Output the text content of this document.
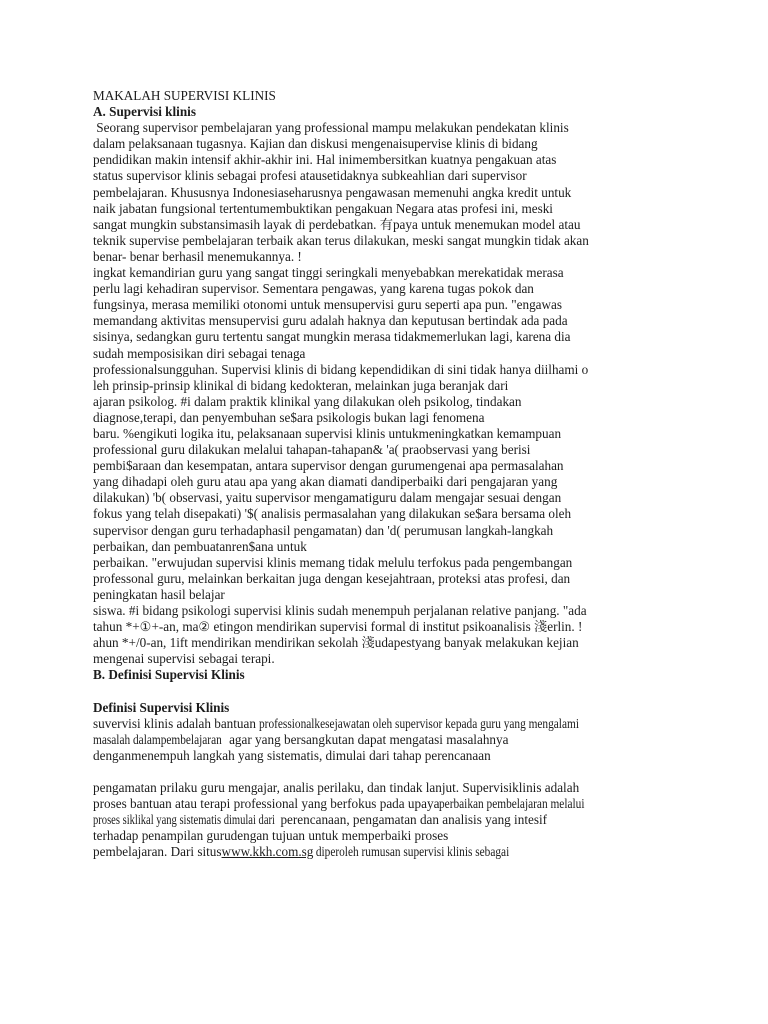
MAKALAH SUPERVISI KLINIS
A. Supervisi klinis
Seorang supervisor pembelajaran yang professional mampu melakukan pendekatan klinis
dalam pelaksanaan tugasnya. Kajian dan diskusi mengenaisupervise klinis di bidang
pendidikan makin intensif akhir-akhir ini. Hal inimembersitkan kuatnya pengakuan atas
status supervisor klinis sebagai profesi atausetidaknya subkeahlian dari supervisor
pembelajaran. Khususnya Indonesiaseharusnya pengawasan memenuhi angka kredit untuk
naik jabatan fungsional tertentumembuktikan pengakuan Negara atas profesi ini, meski
sangat mungkin substansimasih layak di perdebatkan. 有paya untuk menemukan model atau
teknik supervise pembelajaran terbaik akan terus dilakukan, meski sangat mungkin tidak akan
benar- benar berhasil menemukannya. !
ingkat kemandirian guru yang sangat tinggi seringkali menyebabkan merekatidak merasa
perlu lagi kehadiran supervisor. Sementara pengawas, yang karena tugas pokok dan
fungsinya, merasa memiliki otonomi untuk mensupervisi guru seperti apa pun. "engawas
memandang aktivitas mensupervisi guru adalah haknya dan keputusan bertindak ada pada
sisinya, sedangkan guru tertentu sangat mungkin merasa tidakmemerlukan lagi, karena dia
sudah memposisikan diri sebagai tenaga
professionalsungguhan. Supervisi klinis di bidang kependidikan di sini tidak hanya diilhami o
leh prinsip-prinsip klinikal di bidang kedokteran, melainkan juga beranjak dari
ajaran psikolog. #i dalam praktik klinikal yang dilakukan oleh psikolog, tindakan
diagnose,terapi, dan penyembuhan se$ara psikologis bukan lagi fenomena
baru. %engikuti logika itu, pelaksanaan supervisi klinis untukmeningkatkan kemampuan
professional guru dilakukan melalui tahapan-tahapan& 'a( praobservasi yang berisi
pembi$araan dan kesempatan, antara supervisor dengan gurumengenai apa permasalahan
yang dihadapi oleh guru atau apa yang akan diamati dandiperbaiki dari pengajaran yang
dilakukan) 'b( observasi, yaitu supervisor mengamatiguru dalam mengajar sesuai dengan
fokus yang telah disepakati) '$( analisis permasalahan yang dilakukan se$ara bersama oleh
supervisor dengan guru terhadaphasil pengamatan) dan 'd( perumusan langkah-langkah
perbaikan, dan pembuatanren$ana untuk
perbaikan. "erwujudan supervisi klinis memang tidak melulu terfokus pada pengembangan
professonal guru, melainkan berkaitan juga dengan kesejahtraan, proteksi atas profesi, dan
peningkatan hasil belajar
siswa. #i bidang psikologi supervisi klinis sudah menempuh perjalanan relative panjang. "ada
tahun *+①+-an, ma② etingon mendirikan supervisi formal di institut psikoanalisis 淺erlin. !
ahun *+/0-an, 1ift mendirikan mendirikan sekolah 淺udapestyang banyak melakukan kejian
mengenai supervisi sebagai terapi.
B. Definisi Supervisi Klinis
Definisi Supervisi Klinis
suvervisi klinis adalah bantuan professionalkesejawatan oleh supervisor kepada guru yang mengalami
masalah dalampembelajaran agar yang bersangkutan dapat mengatasi masalahnya
denganmenempuh langkah yang sistematis, dimulai dari tahap perencanaan
pengamatan prilaku guru mengajar, analis perilaku, dan tindak lanjut. Supervisiklinis adalah
proses bantuan atau terapi professional yang berfokus pada upayaperbaikan pembelajaran melalui
proses siklikal yang sistematis dimulai dari perencanaan, pengamatan dan analisis yang intesif
terhadap penampilan gurudengan tujuan untuk memperbaiki proses
pembelajaran. Dari situswww.kkh.com.sg diperoleh rumusan supervisi klinis sebagai
